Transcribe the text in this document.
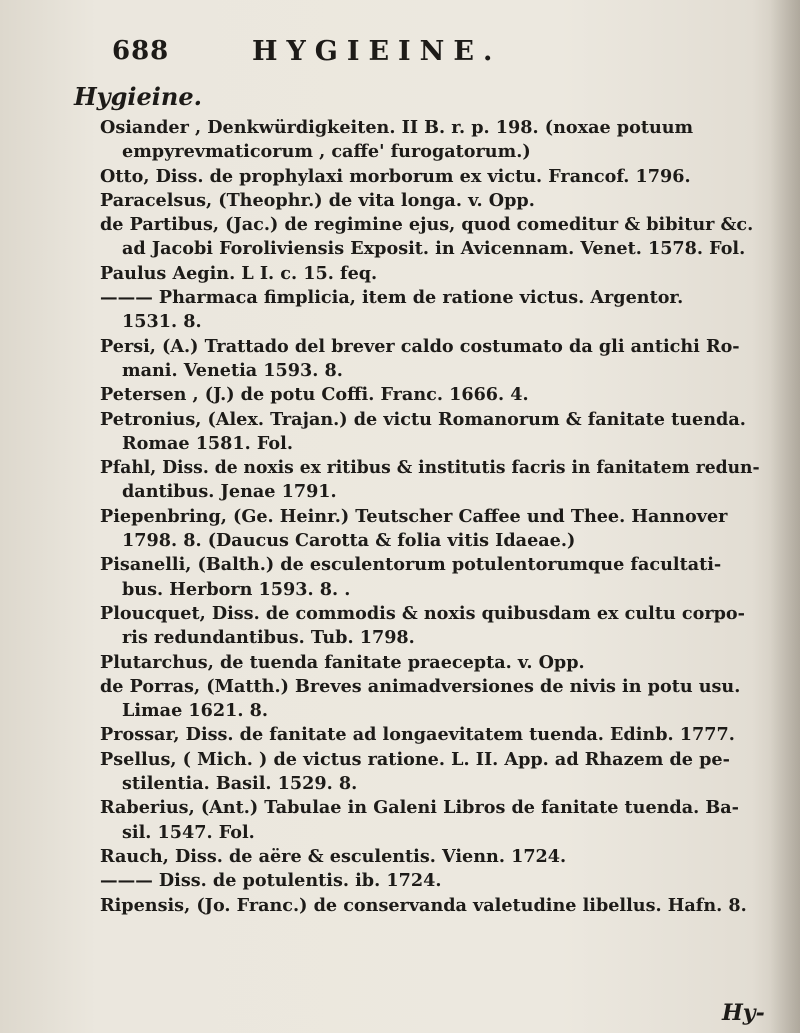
688	HYGIEINE.
Hygieine.
Osiander , Denkwürdigkeiten. II B. r. p. 198. (noxae potuum
empyrevmaticorum , caffe' furogatorum.)
Otto, Diss. de prophylaxi morborum ex victu. Francof. 1796.
Paracelsus, (Theophr.) de vita longa. v. Opp.
de Partibus, (Jac.) de regimine ejus, quod comeditur & bibitur &c.
ad Jacobi Foroliviensis Exposit. in Avicennam. Venet. 1578. Fol.
Paulus Aegin. L I. c. 15. feq.
——— Pharmaca fimplicia, item de ratione victus. Argentor.
1531. 8.
Persi, (A.) Trattado del brever caldo costumato da gli antichi Ro-
mani. Venetia 1593. 8.
Petersen , (J.) de potu Coffi. Franc. 1666. 4.
Petronius, (Alex. Trajan.) de victu Romanorum & fanitate tuenda.
Romae 1581. Fol.
Pfahl, Diss. de noxis ex ritibus & institutis facris in fanitatem redun-
dantibus. Jenae 1791.
Piepenbring, (Ge. Heinr.) Teutscher Caffee und Thee. Hannover
1798. 8. (Daucus Carotta & folia vitis Idaeae.)
Pisanelli, (Balth.) de esculentorum potulentorumque facultati-
bus. Herborn 1593. 8. .
Ploucquet, Diss. de commodis & noxis quibusdam ex cultu corpo-
ris redundantibus. Tub. 1798.
Plutarchus, de tuenda fanitate praecepta. v. Opp.
de Porras, (Matth.) Breves animadversiones de nivis in potu usu.
Limae 1621. 8.
Prossar, Diss. de fanitate ad longaevitatem tuenda. Edinb. 1777.
Psellus, ( Mich. ) de victus ratione. L. II. App. ad Rhazem de pe-
stilentia. Basil. 1529. 8.
Raberius, (Ant.) Tabulae in Galeni Libros de fanitate tuenda. Ba-
sil. 1547. Fol.
Rauch, Diss. de aëre & esculentis. Vienn. 1724.
——— Diss. de potulentis. ib. 1724.
Ripensis, (Jo. Franc.) de conservanda valetudine libellus. Hafn. 8.
Hy-
